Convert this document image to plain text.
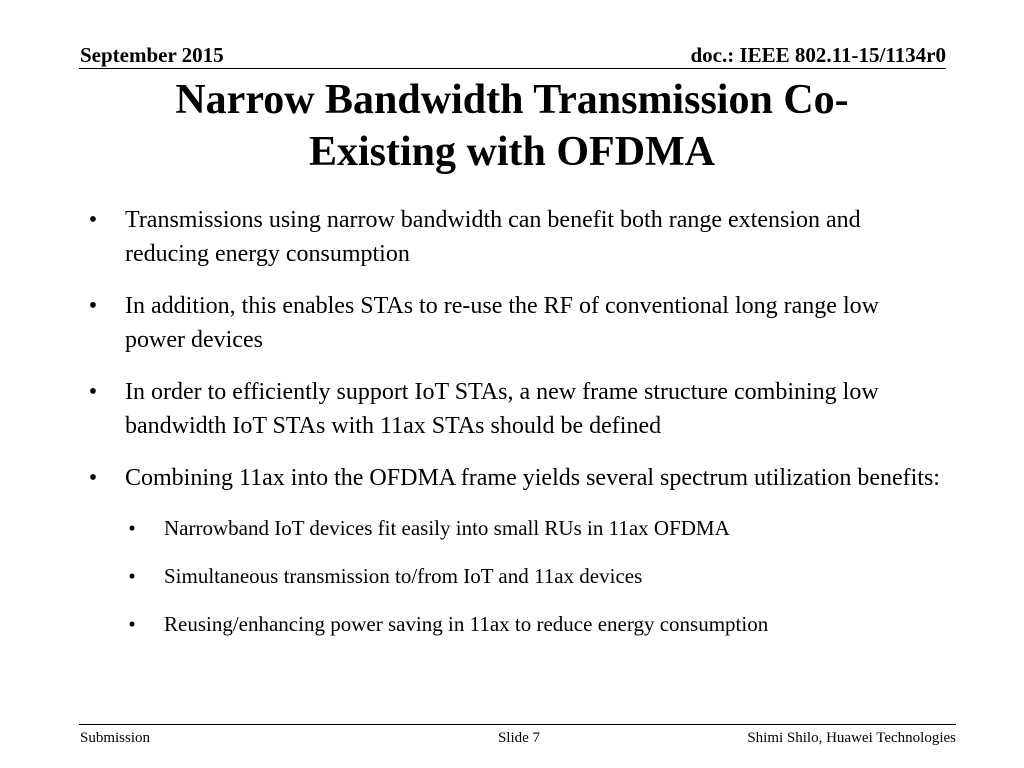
September 2015	doc.: IEEE 802.11-15/1134r0
Narrow Bandwidth Transmission Co-
Existing with OFDMA
• Transmissions using narrow bandwidth can benefit both range extension and reducing energy consumption
• In addition, this enables STAs to re-use the RF of conventional long range low power devices
• In order to efficiently support IoT STAs, a new frame structure combining low bandwidth IoT STAs with 11ax STAs should be defined
• Combining 11ax into the OFDMA frame yields several spectrum utilization benefits:
• Narrowband IoT devices fit easily into small RUs in 11ax OFDMA
• Simultaneous transmission to/from IoT and 11ax devices
• Reusing/enhancing power saving in 11ax to reduce energy consumption
Submission	Slide 7	Shimi Shilo, Huawei Technologies
